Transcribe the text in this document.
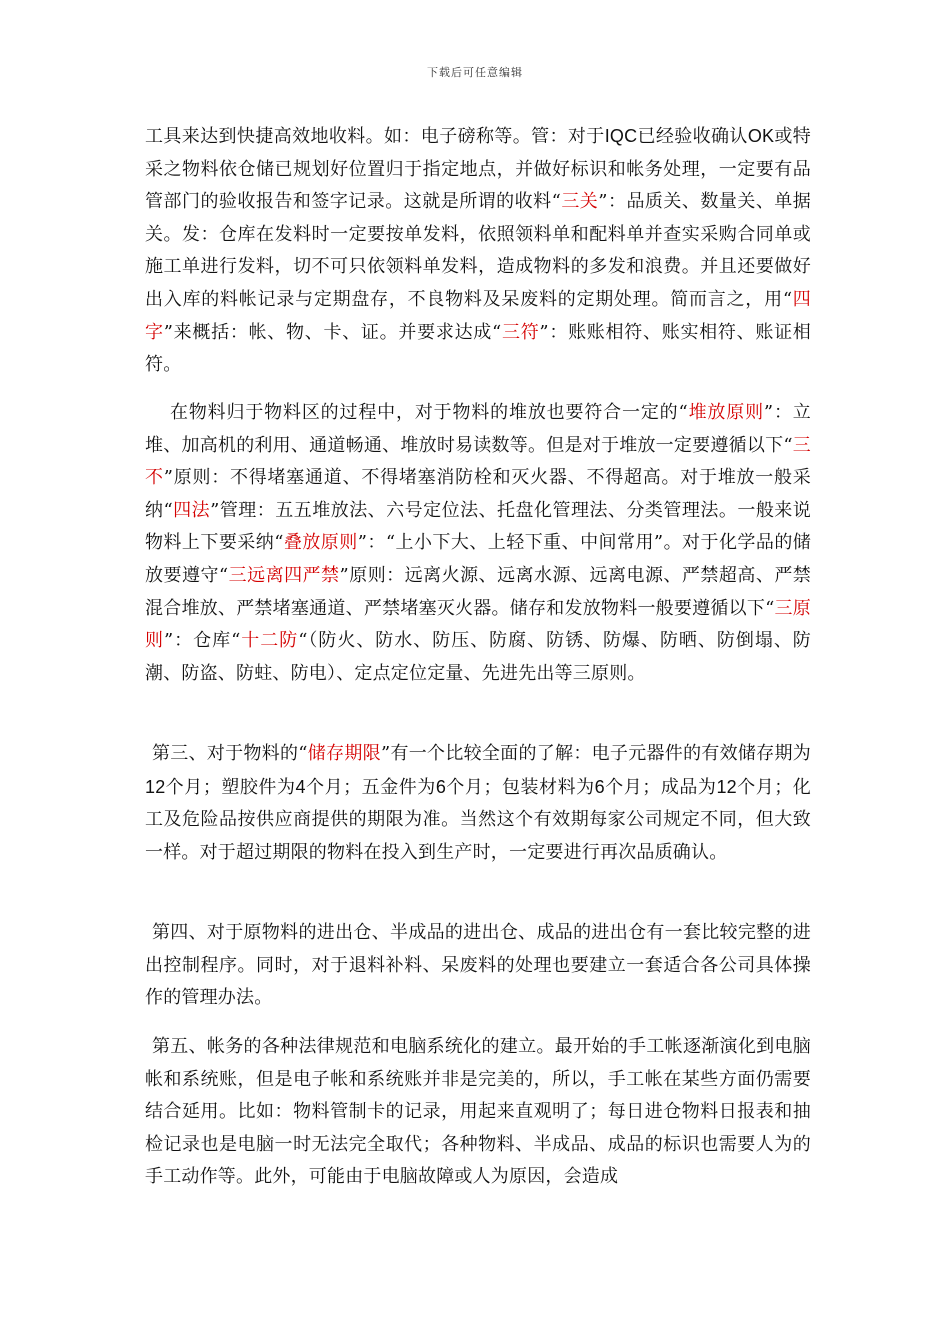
下载后可任意编辑

工具来达到快捷高效地收料。如：电子磅称等。管：对于IQC已经验收确认OK或特采之物料依仓储已规划好位置归于指定地点，并做好标识和帐务处理，一定要有品管部门的验收报告和签字记录。这就是所谓的收料“三关”：品质关、数量关、单据关。发：仓库在发料时一定要按单发料，依照领料单和配料单并查实采购合同单或施工单进行发料，切不可只依领料单发料，造成物料的多发和浪费。并且还要做好出入库的料帐记录与定期盘存，不良物料及呆废料的定期处理。简而言之，用“四字”来概括：帐、物、卡、证。并要求达成“三符”：账账相符、账实相符、账证相符。

在物料归于物料区的过程中，对于物料的堆放也要符合一定的“堆放原则”：立堆、加高机的利用、通道畅通、堆放时易读数等。但是对于堆放一定要遵循以下“三不”原则：不得堵塞通道、不得堵塞消防栓和灭火器、不得超高。对于堆放一般采纳“四法”管理：五五堆放法、六号定位法、托盘化管理法、分类管理法。一般来说物料上下要采纳“叠放原则”：“上小下大、上轻下重、中间常用”。对于化学品的储放要遵守“三远离四严禁”原则：远离火源、远离水源、远离电源、严禁超高、严禁混合堆放、严禁堵塞通道、严禁堵塞灭火器。储存和发放物料一般要遵循以下“三原则”：仓库“十二防“（防火、防水、防压、防腐、防锈、防爆、防晒、防倒塌、防潮、防盗、防蛀、防电）、定点定位定量、先进先出等三原则。

第三、对于物料的“储存期限”有一个比较全面的了解：电子元器件的有效储存期为12个月；塑胶件为4个月；五金件为6个月；包装材料为6个月；成品为12个月；化工及危险品按供应商提供的期限为准。当然这个有效期每家公司规定不同，但大致一样。对于超过期限的物料在投入到生产时，一定要进行再次品质确认。

第四、对于原物料的进出仓、半成品的进出仓、成品的进出仓有一套比较完整的进出控制程序。同时，对于退料补料、呆废料的处理也要建立一套适合各公司具体操作的管理办法。

第五、帐务的各种法律规范和电脑系统化的建立。最开始的手工帐逐渐演化到电脑帐和系统账，但是电子帐和系统账并非是完美的，所以，手工帐在某些方面仍需要结合延用。比如：物料管制卡的记录，用起来直观明了；每日进仓物料日报表和抽检记录也是电脑一时无法完全取代；各种物料、半成品、成品的标识也需要人为的手工动作等。此外，可能由于电脑故障或人为原因，会造成
